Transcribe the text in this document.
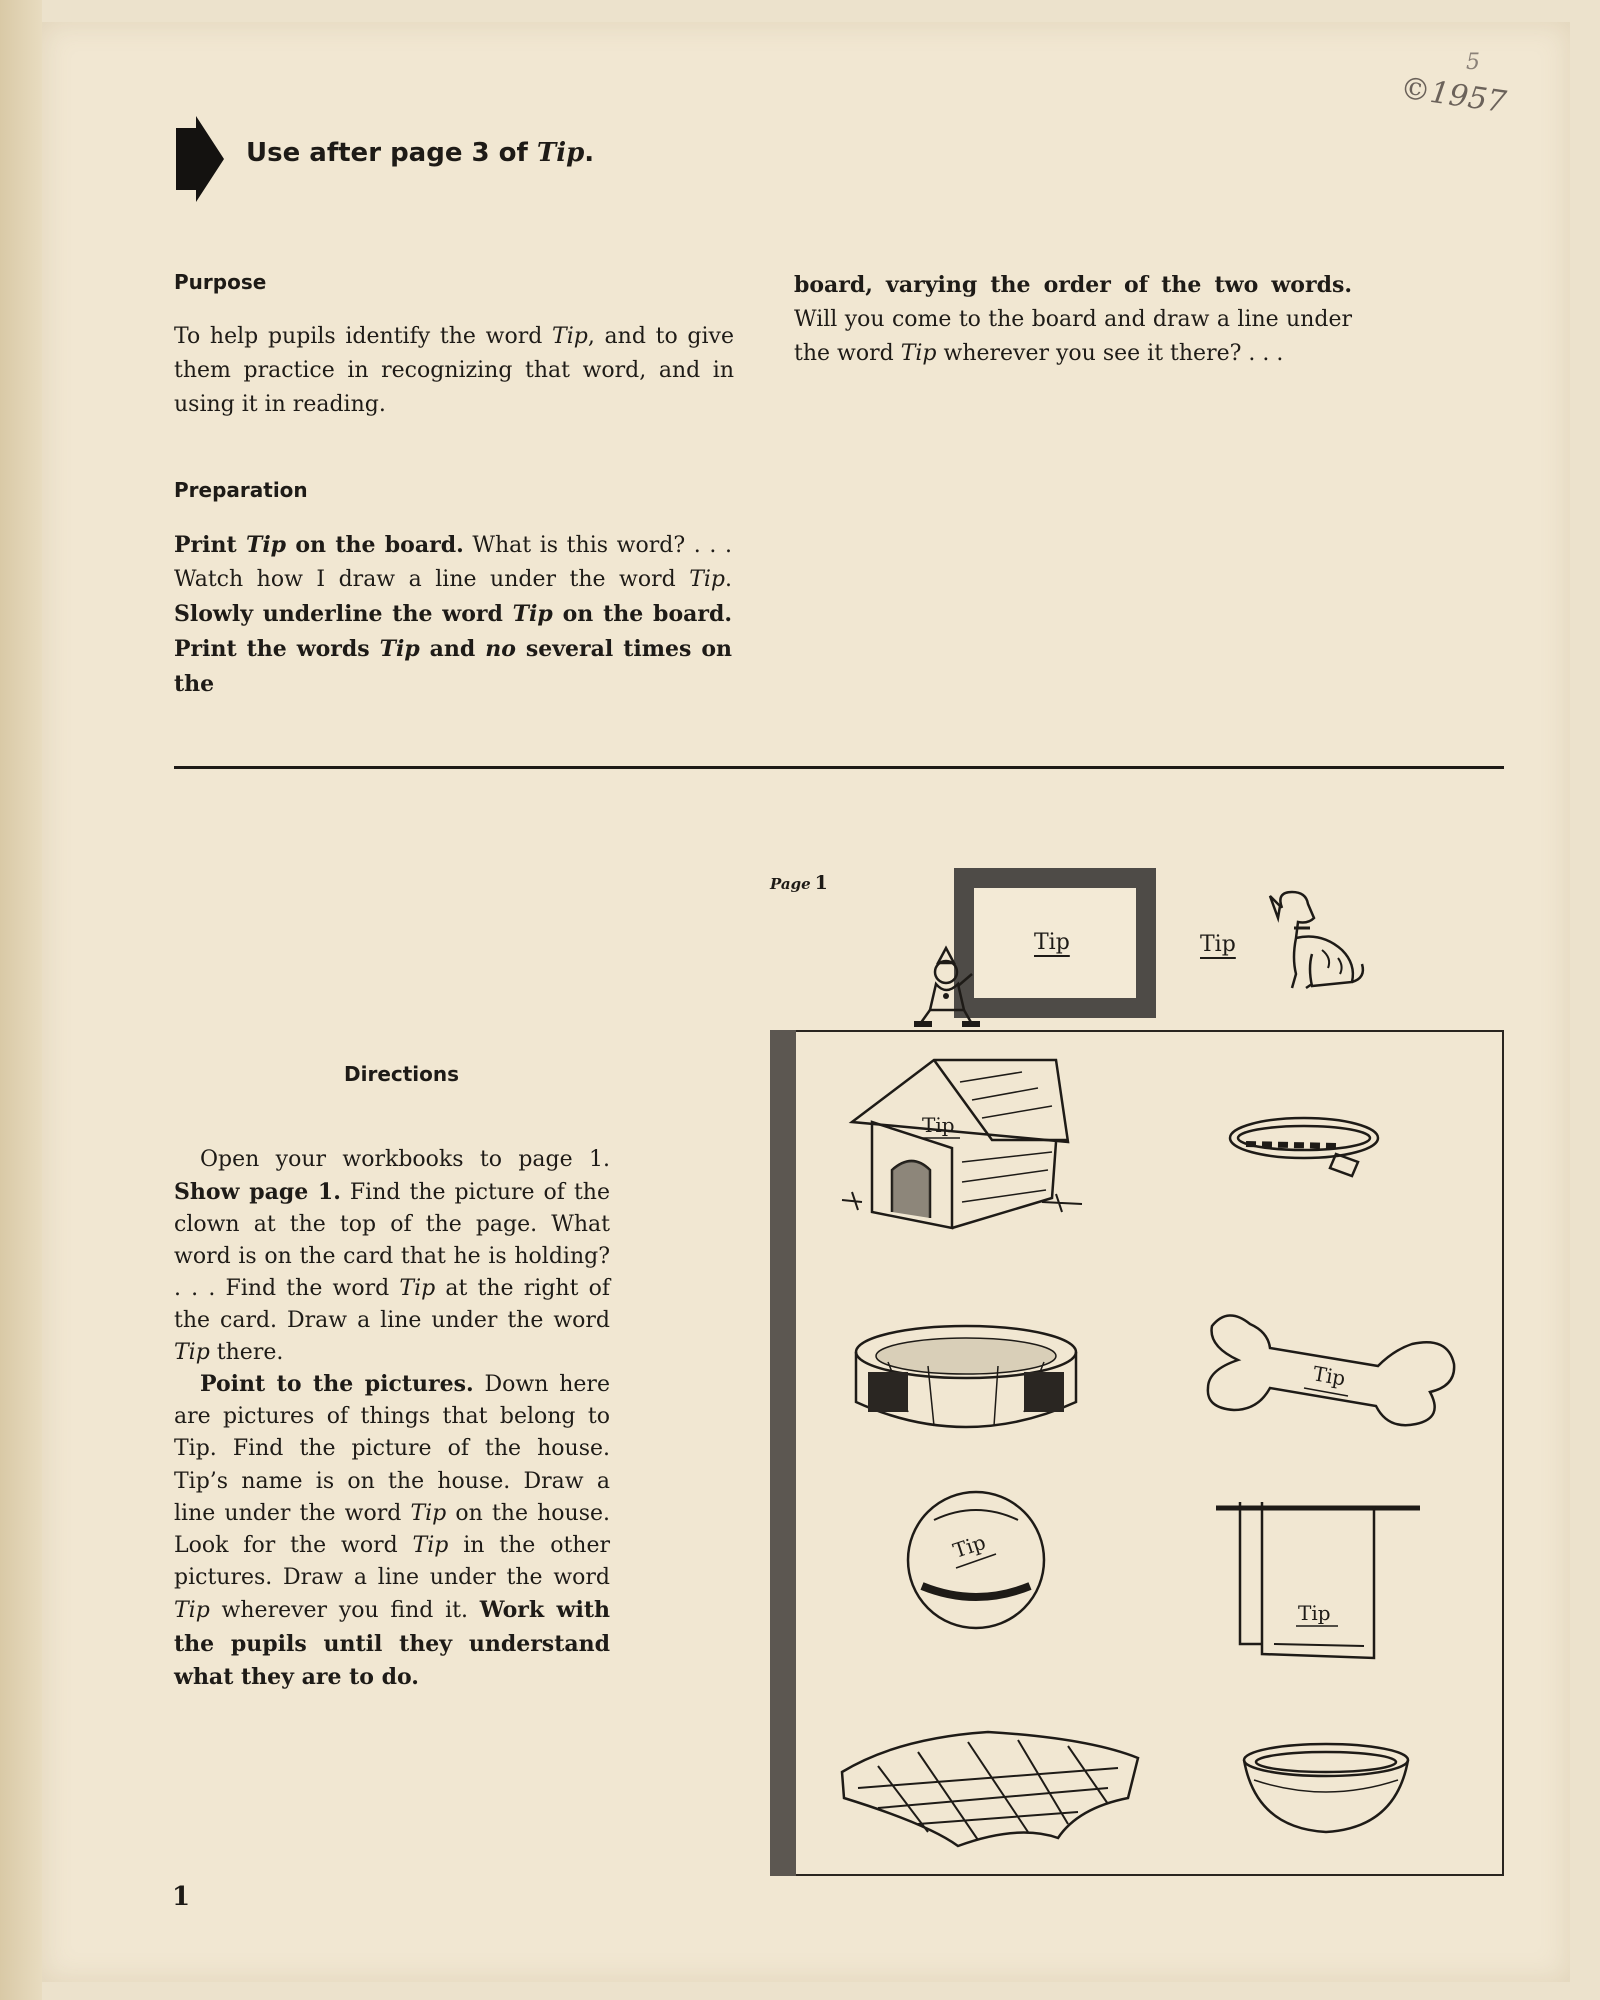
Use after page 3 of Tip.
©1957
5
Purpose
To help pupils identify the word Tip, and to give them practice in recognizing that word, and in using it in reading.
Preparation
Print Tip on the board. What is this word? . . . Watch how I draw a line under the word Tip. Slowly underline the word Tip on the board. Print the words Tip and no several times on the
board, varying the order of the two words. Will you come to the board and draw a line under the word Tip wherever you see it there? . . .
Directions
Open your workbooks to page 1. Show page 1. Find the picture of the clown at the top of the page. What word is on the card that he is holding? . . . Find the word Tip at the right of the card. Draw a line under the word Tip there.
Point to the pictures. Down here are pictures of things that belong to Tip. Find the picture of the house. Tip’s name is on the house. Draw a line under the word Tip on the house. Look for the word Tip in the other pictures. Draw a line under the word Tip wherever you find it. Work with the pupils until they understand what they are to do.
1
Page 1
Tip	Tip
Tip
Tip
Tip
Tip
